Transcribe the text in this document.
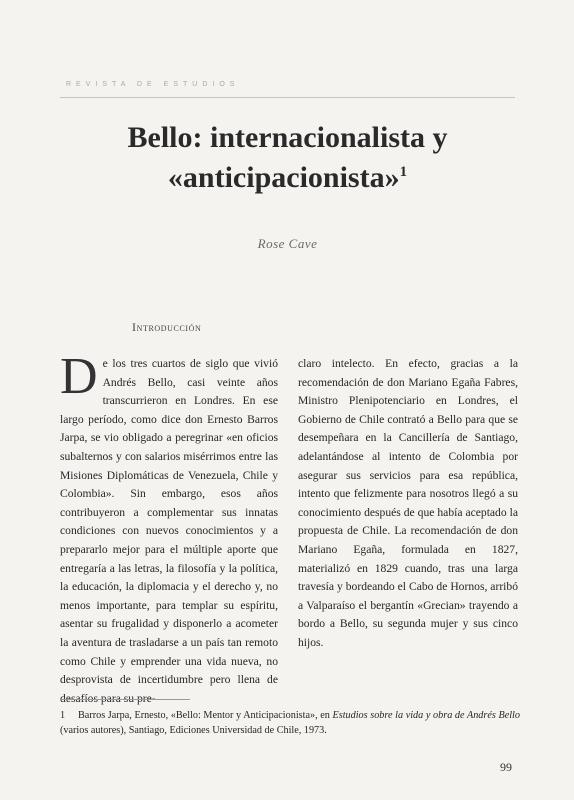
REVISTA DE ESTUDIOS
Bello: internacionalista y «anticipacionista»$^1$
Rose Cave
Introducción

De los tres cuartos de siglo que vivió Andrés Bello, casi veinte años transcurrieron en Londres. En ese largo período, como dice don Ernesto Barros Jarpa, se vio obligado a peregrinar «en oficios subalternos y con salarios misérrimos entre las Misiones Diplomáticas de Venezuela, Chile y Colombia». Sin embargo, esos años contribuyeron a complementar sus innatas condiciones con nuevos conocimientos y a prepararlo mejor para el múltiple aporte que entregaría a las letras, la filosofía y la política, la educación, la diplomacia y el derecho y, no menos importante, para templar su espíritu, asentar su frugalidad y disponerlo a acometer la aventura de trasladarse a un país tan remoto como Chile y emprender una vida nueva, no desprovista de incertidumbre pero llena de desafíos para su pre-

claro intelecto. En efecto, gracias a la recomendación de don Mariano Egaña Fabres, Ministro Plenipotenciario en Londres, el Gobierno de Chile contrató a Bello para que se desempeñara en la Cancillería de Santiago, adelantándose al intento de Colombia por asegurar sus servicios para esa república, intento que felizmente para nosotros llegó a su conocimiento después de que había aceptado la propuesta de Chile. La recomendación de don Mariano Egaña, formulada en 1827, materializó en 1829 cuando, tras una larga travesía y bordeando el Cabo de Hornos, arribó a Valparaíso el bergantín «Grecian» trayendo a bordo a Bello, su segunda mujer y sus cinco hijos.

1 Barros Jarpa, Ernesto, «Bello: Mentor y Anticipacionista», en Estudios sobre la vida y obra de Andrés Bello (varios autores), Santiago, Ediciones Universidad de Chile, 1973.

99
